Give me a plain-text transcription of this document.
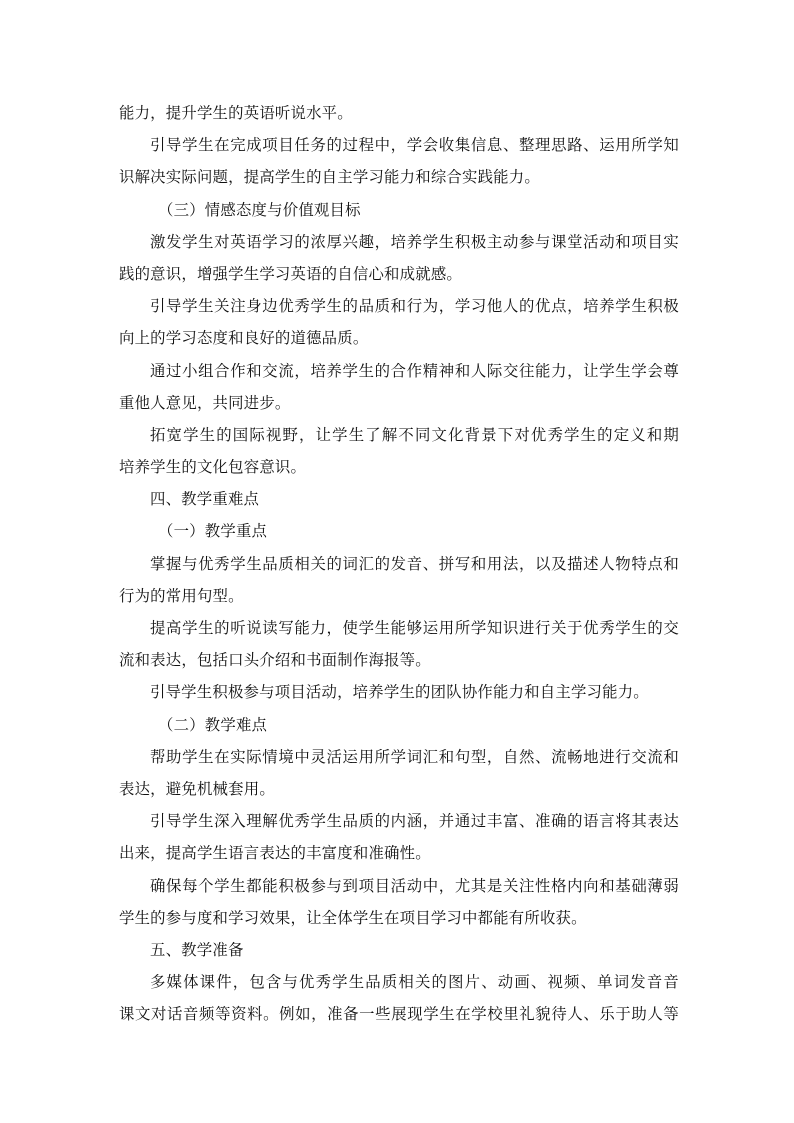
能力，提升学生的英语听说水平。
引导学生在完成项目任务的过程中，学会收集信息、整理思路、运用所学知
识解决实际问题，提高学生的自主学习能力和综合实践能力。
（三）情感态度与价值观目标
激发学生对英语学习的浓厚兴趣，培养学生积极主动参与课堂活动和项目实
践的意识，增强学生学习英语的自信心和成就感。
引导学生关注身边优秀学生的品质和行为，学习他人的优点，培养学生积极
向上的学习态度和良好的道德品质。
通过小组合作和交流，培养学生的合作精神和人际交往能力，让学生学会尊
重他人意见，共同进步。
拓宽学生的国际视野，让学生了解不同文化背景下对优秀学生的定义和期
培养学生的文化包容意识。
四、教学重难点
（一）教学重点
掌握与优秀学生品质相关的词汇的发音、拼写和用法，以及描述人物特点和
行为的常用句型。
提高学生的听说读写能力，使学生能够运用所学知识进行关于优秀学生的交
流和表达，包括口头介绍和书面制作海报等。
引导学生积极参与项目活动，培养学生的团队协作能力和自主学习能力。
（二）教学难点
帮助学生在实际情境中灵活运用所学词汇和句型，自然、流畅地进行交流和
表达，避免机械套用。
引导学生深入理解优秀学生品质的内涵，并通过丰富、准确的语言将其表达
出来，提高学生语言表达的丰富度和准确性。
确保每个学生都能积极参与到项目活动中，尤其是关注性格内向和基础薄弱
学生的参与度和学习效果，让全体学生在项目学习中都能有所收获。
五、教学准备
多媒体课件，包含与优秀学生品质相关的图片、动画、视频、单词发音音
课文对话音频等资料。例如，准备一些展现学生在学校里礼貌待人、乐于助人等
